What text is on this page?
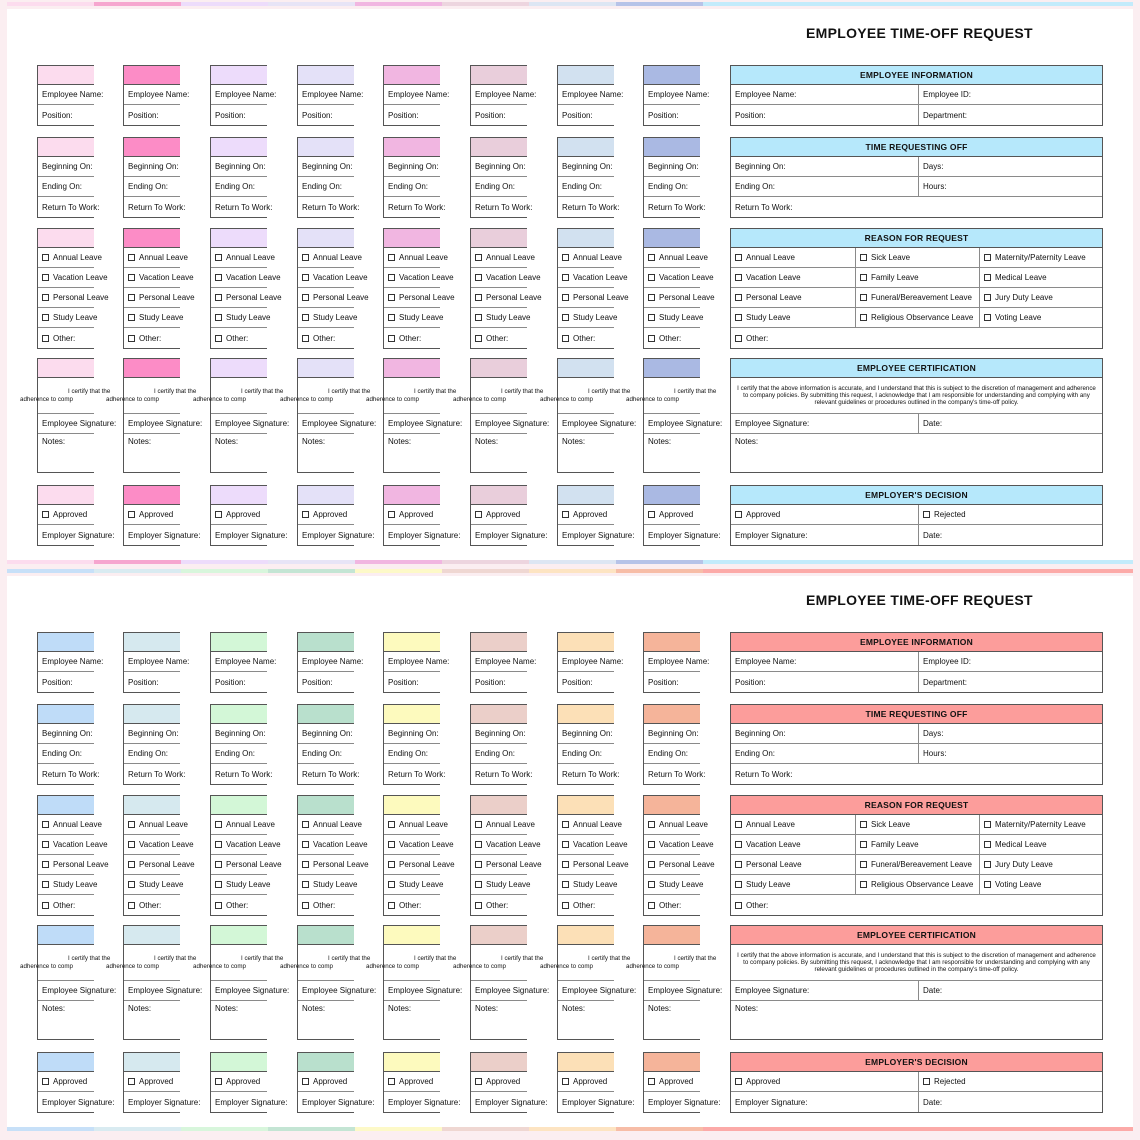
EMPLOYEE TIME-OFF REQUEST
Employee Name:
Position:
Employee Name:
Position:
Employee Name:
Position:
Employee Name:
Position:
Employee Name:
Position:
Employee Name:
Position:
Employee Name:
Position:
Employee Name:
Position:
EMPLOYEE INFORMATION
Employee Name:	Employee ID:
Position:	Department:
Beginning On:
Ending On:
Return To Work:
Beginning On:
Ending On:
Return To Work:
Beginning On:
Ending On:
Return To Work:
Beginning On:
Ending On:
Return To Work:
Beginning On:
Ending On:
Return To Work:
Beginning On:
Ending On:
Return To Work:
Beginning On:
Ending On:
Return To Work:
Beginning On:
Ending On:
Return To Work:
TIME REQUESTING OFF
Beginning On:	Days:
Ending On:	Hours:
Return To Work:
Annual Leave
Vacation Leave
Personal Leave
Study Leave
Other:
Annual Leave
Vacation Leave
Personal Leave
Study Leave
Other:
Annual Leave
Vacation Leave
Personal Leave
Study Leave
Other:
Annual Leave
Vacation Leave
Personal Leave
Study Leave
Other:
Annual Leave
Vacation Leave
Personal Leave
Study Leave
Other:
Annual Leave
Vacation Leave
Personal Leave
Study Leave
Other:
Annual Leave
Vacation Leave
Personal Leave
Study Leave
Other:
Annual Leave
Vacation Leave
Personal Leave
Study Leave
Other:
REASON FOR REQUEST
Annual Leave	Sick Leave	Maternity/Paternity Leave
Vacation Leave	Family Leave	Medical Leave
Personal Leave	Funeral/Bereavement Leave	Jury Duty Leave
Study Leave	Religious Observance Leave	Voting Leave
Other:
I certify that the
adherence to comp
Employee Signature:
Notes:
I certify that the
adherence to comp
Employee Signature:
Notes:
I certify that the
adherence to comp
Employee Signature:
Notes:
I certify that the
adherence to comp
Employee Signature:
Notes:
I certify that the
adherence to comp
Employee Signature:
Notes:
I certify that the
adherence to comp
Employee Signature:
Notes:
I certify that the
adherence to comp
Employee Signature:
Notes:
I certify that the
adherence to comp
Employee Signature:
Notes:
EMPLOYEE CERTIFICATION
I certify that the above information is accurate, and I understand that this is subject to the discretion of management and adherence to company policies. By submitting this request, I acknowledge that I am responsible for understanding and complying with any relevant guidelines or procedures outlined in the company's time-off policy.
Employee Signature:	Date:
Notes:
Approved
Employer Signature:
Approved
Employer Signature:
Approved
Employer Signature:
Approved
Employer Signature:
Approved
Employer Signature:
Approved
Employer Signature:
Approved
Employer Signature:
Approved
Employer Signature:
EMPLOYER'S DECISION
Approved	Rejected
Employer Signature:	Date:
EMPLOYEE TIME-OFF REQUEST
Employee Name:
Position:
Employee Name:
Position:
Employee Name:
Position:
Employee Name:
Position:
Employee Name:
Position:
Employee Name:
Position:
Employee Name:
Position:
Employee Name:
Position:
EMPLOYEE INFORMATION
Employee Name:	Employee ID:
Position:	Department:
Beginning On:
Ending On:
Return To Work:
Beginning On:
Ending On:
Return To Work:
Beginning On:
Ending On:
Return To Work:
Beginning On:
Ending On:
Return To Work:
Beginning On:
Ending On:
Return To Work:
Beginning On:
Ending On:
Return To Work:
Beginning On:
Ending On:
Return To Work:
Beginning On:
Ending On:
Return To Work:
TIME REQUESTING OFF
Beginning On:	Days:
Ending On:	Hours:
Return To Work:
Annual Leave
Vacation Leave
Personal Leave
Study Leave
Other:
Annual Leave
Vacation Leave
Personal Leave
Study Leave
Other:
Annual Leave
Vacation Leave
Personal Leave
Study Leave
Other:
Annual Leave
Vacation Leave
Personal Leave
Study Leave
Other:
Annual Leave
Vacation Leave
Personal Leave
Study Leave
Other:
Annual Leave
Vacation Leave
Personal Leave
Study Leave
Other:
Annual Leave
Vacation Leave
Personal Leave
Study Leave
Other:
Annual Leave
Vacation Leave
Personal Leave
Study Leave
Other:
REASON FOR REQUEST
Annual Leave	Sick Leave	Maternity/Paternity Leave
Vacation Leave	Family Leave	Medical Leave
Personal Leave	Funeral/Bereavement Leave	Jury Duty Leave
Study Leave	Religious Observance Leave	Voting Leave
Other:
I certify that the
adherence to comp
Employee Signature:
Notes:
I certify that the
adherence to comp
Employee Signature:
Notes:
I certify that the
adherence to comp
Employee Signature:
Notes:
I certify that the
adherence to comp
Employee Signature:
Notes:
I certify that the
adherence to comp
Employee Signature:
Notes:
I certify that the
adherence to comp
Employee Signature:
Notes:
I certify that the
adherence to comp
Employee Signature:
Notes:
I certify that the
adherence to comp
Employee Signature:
Notes:
EMPLOYEE CERTIFICATION
I certify that the above information is accurate, and I understand that this is subject to the discretion of management and adherence to company policies. By submitting this request, I acknowledge that I am responsible for understanding and complying with any relevant guidelines or procedures outlined in the company's time-off policy.
Employee Signature:	Date:
Notes:
Approved
Employer Signature:
Approved
Employer Signature:
Approved
Employer Signature:
Approved
Employer Signature:
Approved
Employer Signature:
Approved
Employer Signature:
Approved
Employer Signature:
Approved
Employer Signature:
EMPLOYER'S DECISION
Approved	Rejected
Employer Signature:	Date:
